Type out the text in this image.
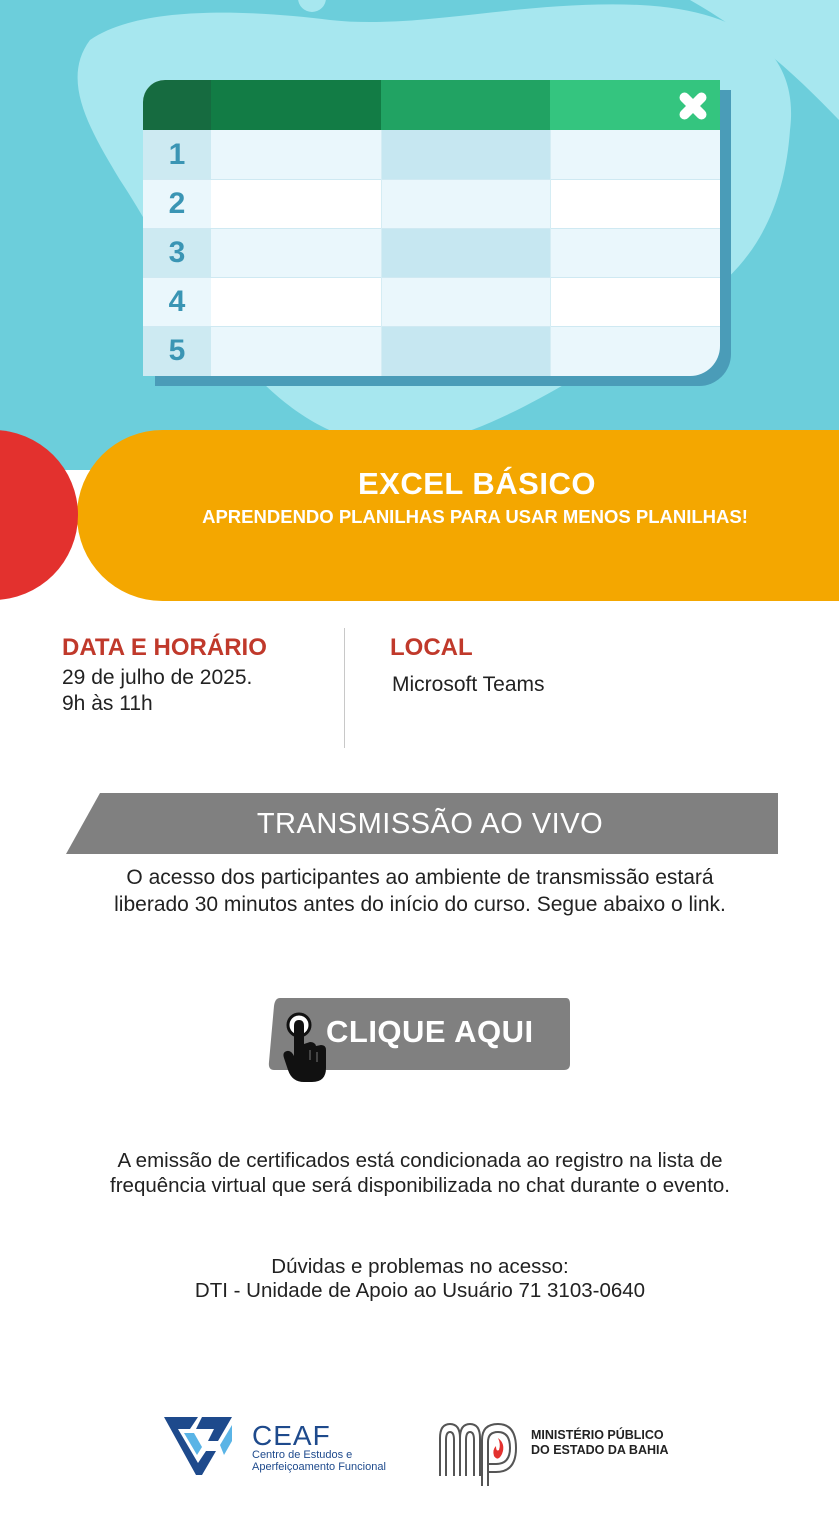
1
2
3
4
5
EXCEL BÁSICO
APRENDENDO PLANILHAS PARA USAR MENOS PLANILHAS!
DATA E HORÁRIO
29 de julho de 2025.
9h às 11h
LOCAL
Microsoft Teams
TRANSMISSÃO AO VIVO
O acesso dos participantes ao ambiente de transmissão estará
liberado 30 minutos antes do início do curso. Segue abaixo o link.
CLIQUE AQUI
A emissão de certificados está condicionada ao registro na lista de
frequência virtual que será disponibilizada no chat durante o evento.
Dúvidas e problemas no acesso:
DTI - Unidade de Apoio ao Usuário 71 3103-0640
CEAF
Centro de Estudos e
Aperfeiçoamento Funcional
MINISTÉRIO PÚBLICO
DO ESTADO DA BAHIA
